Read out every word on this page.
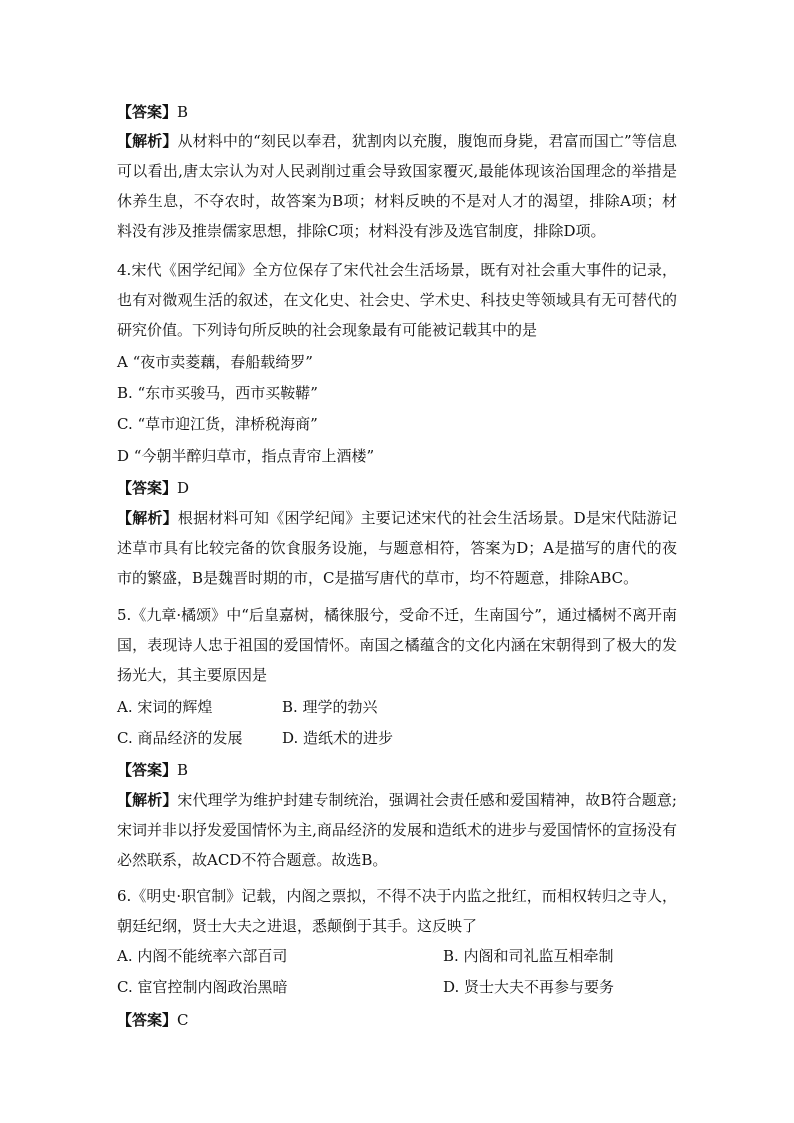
【答案】B
【解析】从材料中的“刻民以奉君，犹割肉以充腹，腹饱而身毙，君富而国亡”等信息可以看出,唐太宗认为对人民剥削过重会导致国家覆灭,最能体现该治国理念的举措是休养生息，不夺农时，故答案为B项；材料反映的不是对人才的渴望，排除A项；材料没有涉及推崇儒家思想，排除C项；材料没有涉及选官制度，排除D项。
4.宋代《困学纪闻》全方位保存了宋代社会生活场景，既有对社会重大事件的记录，也有对微观生活的叙述，在文化史、社会史、学术史、科技史等领域具有无可替代的研究价值。下列诗句所反映的社会现象最有可能被记载其中的是
A “夜市卖菱藕，春船载绮罗”
B. “东市买骏马，西市买鞍鞯”
C. “草市迎江货，津桥税海商”
D “今朝半醉归草市，指点青帘上酒楼”
【答案】D
【解析】根据材料可知《困学纪闻》主要记述宋代的社会生活场景。D是宋代陆游记述草市具有比较完备的饮食服务设施，与题意相符，答案为D；A是描写的唐代的夜市的繁盛，B是魏晋时期的市，C是描写唐代的草市，均不符题意，排除ABC。
5.《九章·橘颂》中“后皇嘉树，橘徕服兮，受命不迁，生南国兮”，通过橘树不离开南国，表现诗人忠于祖国的爱国情怀。南国之橘蕴含的文化内涵在宋朝得到了极大的发扬光大，其主要原因是
A. 宋词的辉煌	B. 理学的勃兴
C. 商品经济的发展	D. 造纸术的进步
【答案】B
【解析】宋代理学为维护封建专制统治，强调社会责任感和爱国精神，故B符合题意;宋词并非以抒发爱国情怀为主,商品经济的发展和造纸术的进步与爱国情怀的宣扬没有必然联系，故ACD不符合题意。故选B。
6.《明史·职官制》记载，内阁之票拟，不得不决于内监之批红，而相权转归之寺人，朝廷纪纲，贤士大夫之进退，悉颠倒于其手。这反映了
A. 内阁不能统率六部百司	B. 内阁和司礼监互相牵制
C. 宦官控制内阁政治黑暗	D. 贤士大夫不再参与要务
【答案】C
